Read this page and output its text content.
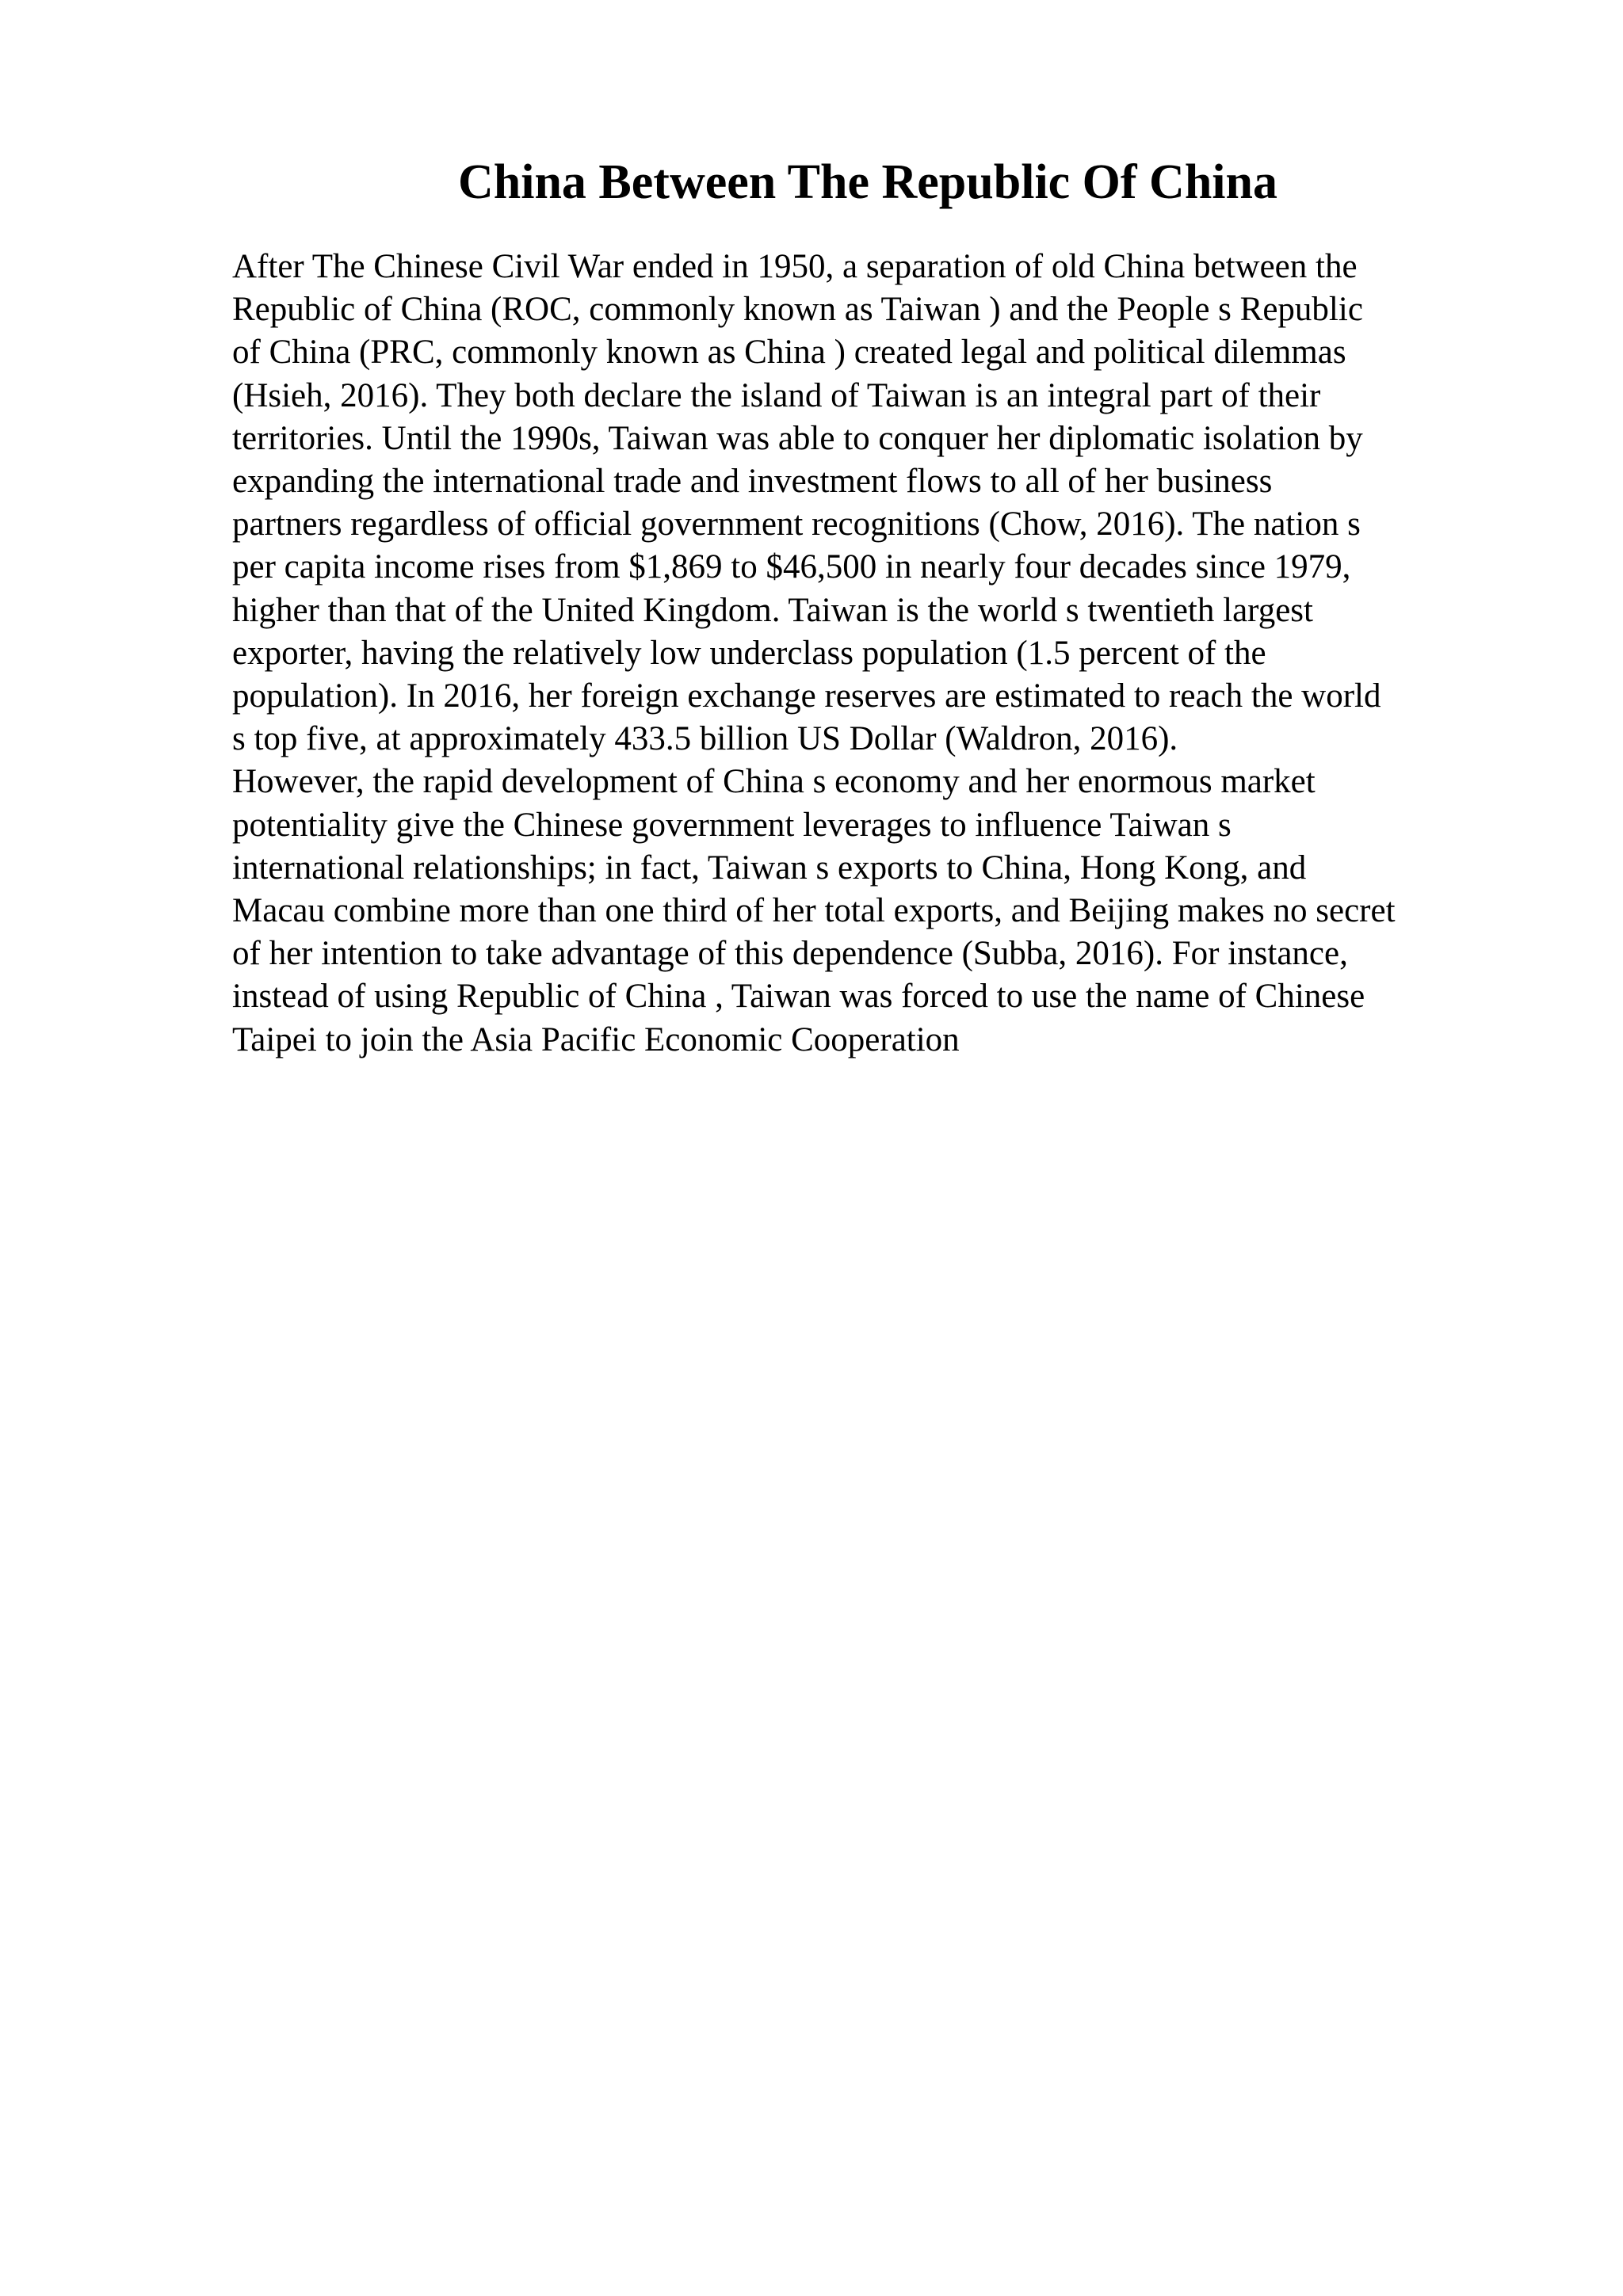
China Between The Republic Of China
After The Chinese Civil War ended in 1950, a separation of old China between the
Republic of China (ROC, commonly known as Taiwan ) and the People s Republic
of China (PRC, commonly known as China ) created legal and political dilemmas
(Hsieh, 2016). They both declare the island of Taiwan is an integral part of their
territories. Until the 1990s, Taiwan was able to conquer her diplomatic isolation by
expanding the international trade and investment flows to all of her business
partners regardless of official government recognitions (Chow, 2016). The nation s
per capita income rises from $1,869 to $46,500 in nearly four decades since 1979,
higher than that of the United Kingdom. Taiwan is the world s twentieth largest
exporter, having the relatively low underclass population (1.5 percent of the
population). In 2016, her foreign exchange reserves are estimated to reach the world
s top five, at approximately 433.5 billion US Dollar (Waldron, 2016).
However, the rapid development of China s economy and her enormous market
potentiality give the Chinese government leverages to influence Taiwan s
international relationships; in fact, Taiwan s exports to China, Hong Kong, and
Macau combine more than one third of her total exports, and Beijing makes no secret
of her intention to take advantage of this dependence (Subba, 2016). For instance,
instead of using Republic of China , Taiwan was forced to use the name of Chinese
Taipei to join the Asia Pacific Economic Cooperation
